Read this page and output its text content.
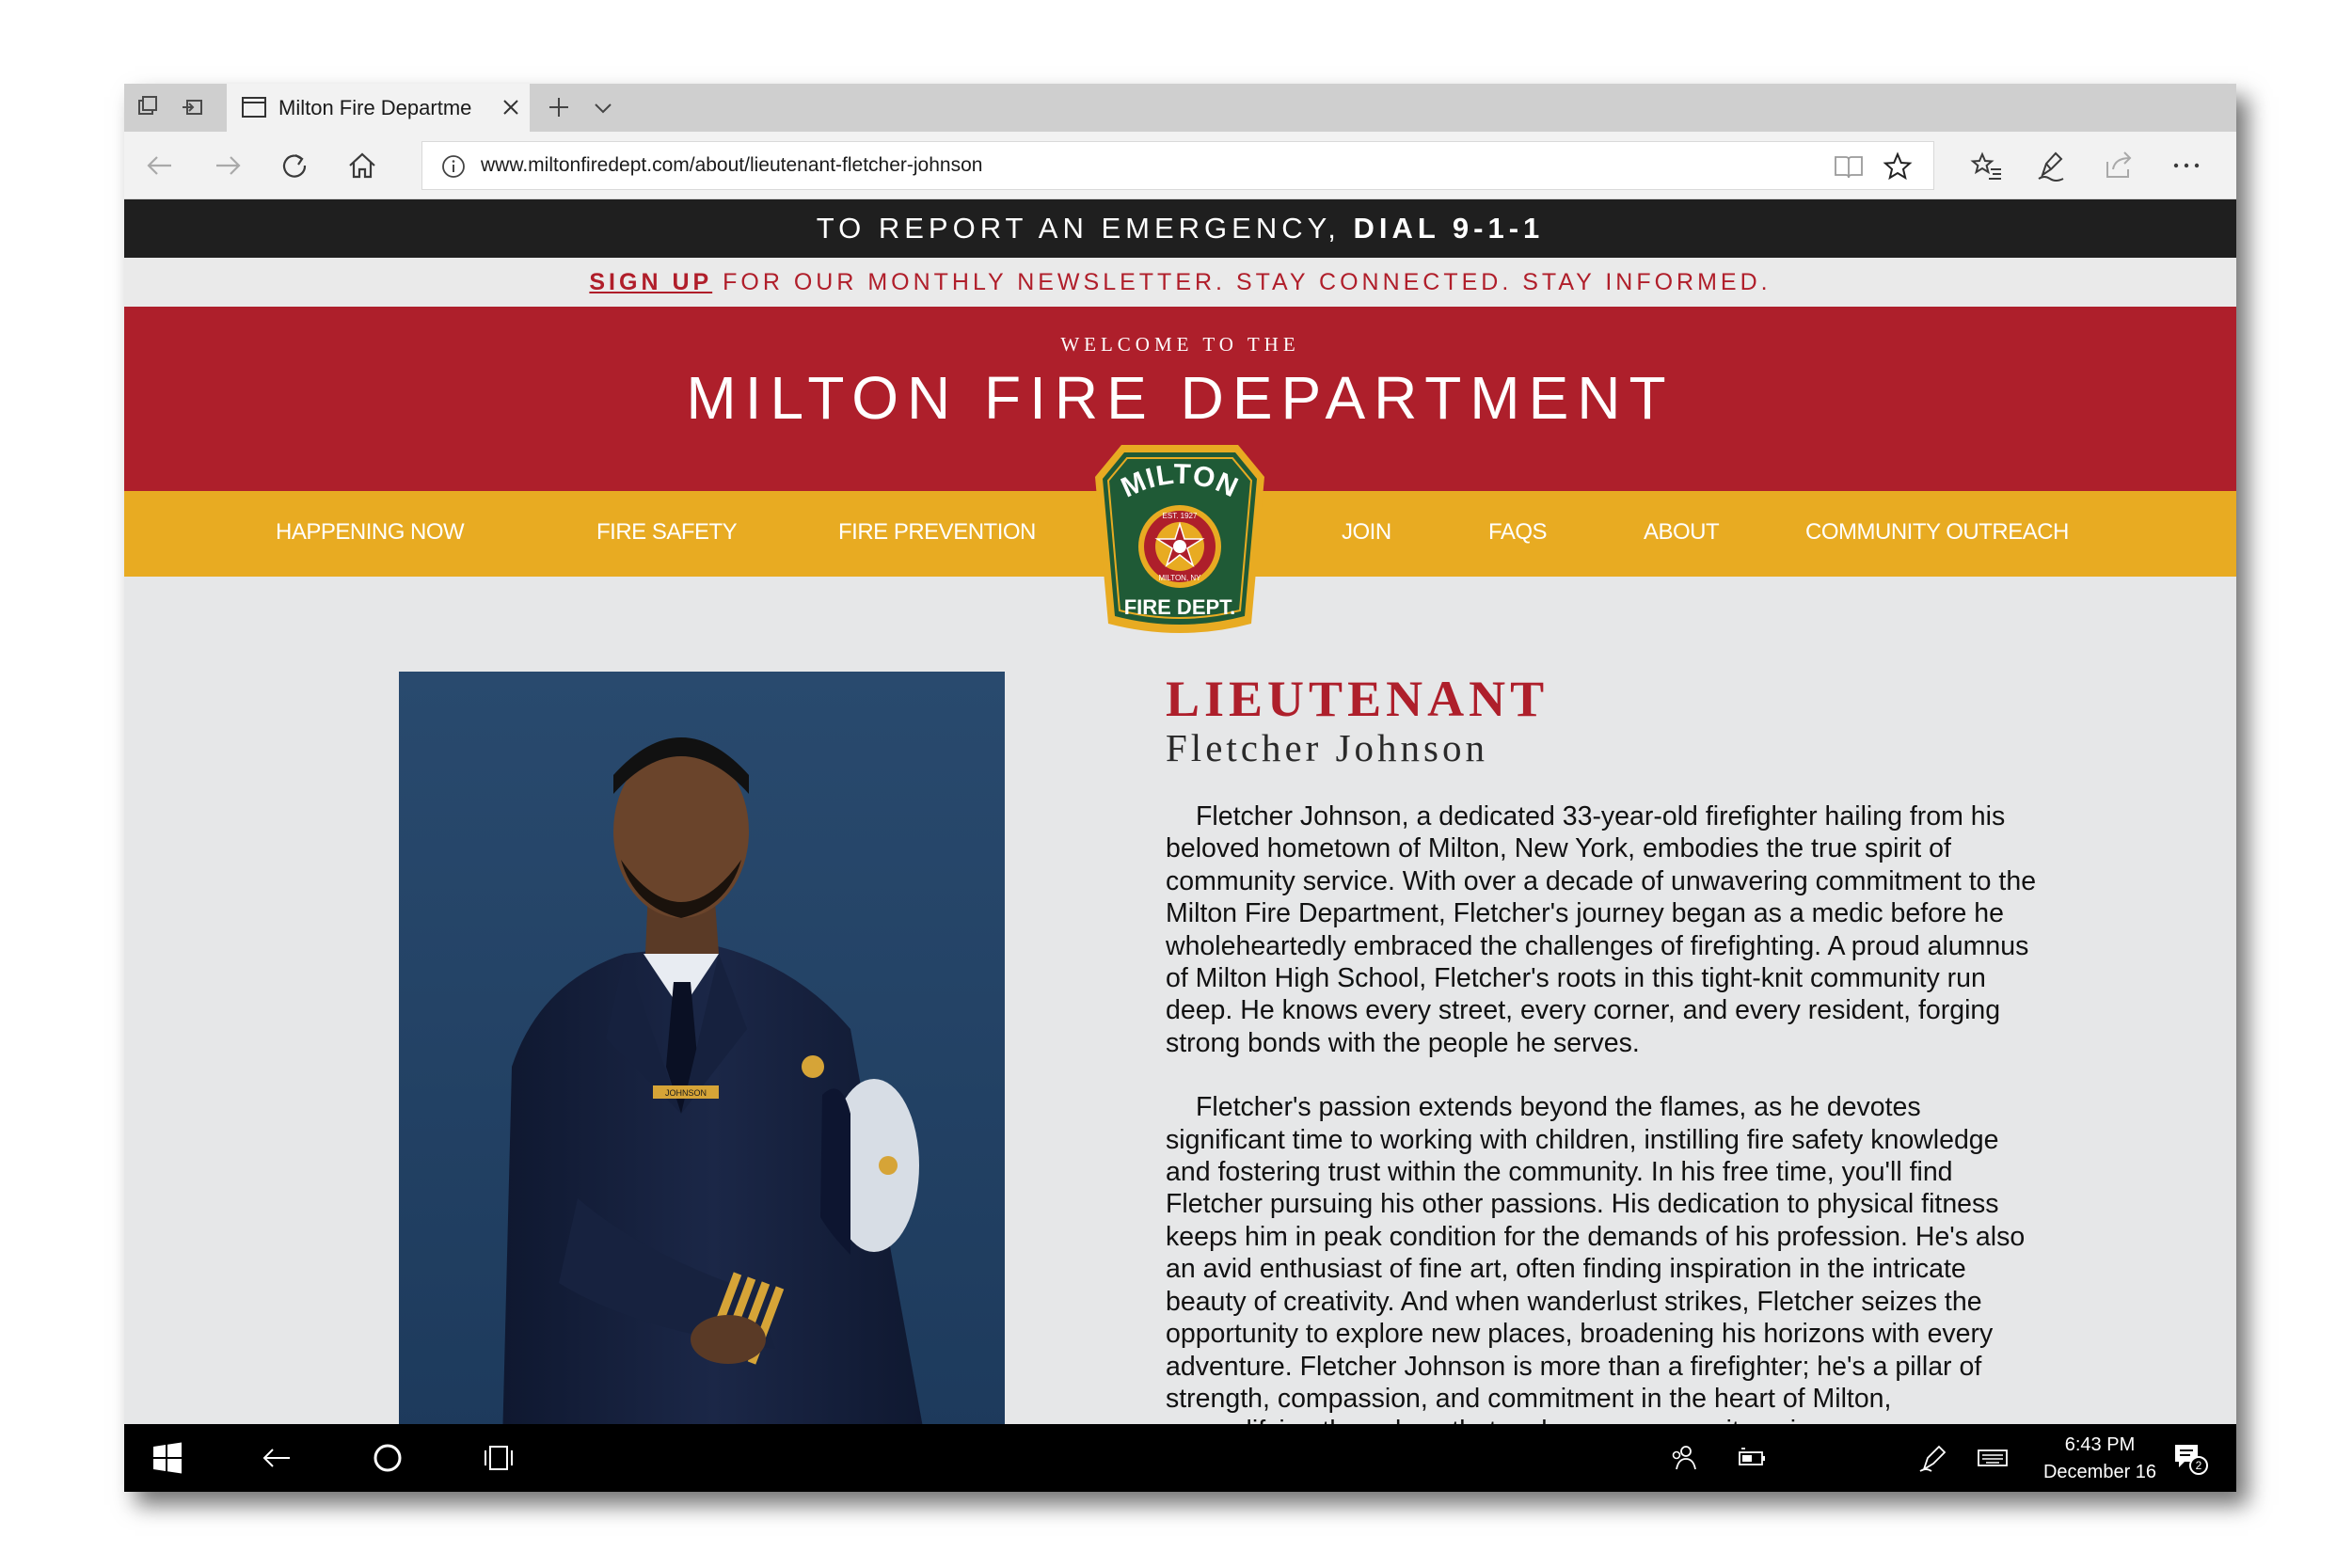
Milton Fire Departme
www.miltonfiredept.com/about/lieutenant-fletcher-johnson
TO REPORT AN EMERGENCY, DIAL 9-1-1
SIGN UP FOR OUR MONTHLY NEWSLETTER. STAY CONNECTED. STAY INFORMED.
WELCOME TO THE
MILTON FIRE DEPARTMENT
HAPPENING NOW	FIRE SAFETY	FIRE PREVENTION	JOIN	FAQS	ABOUT	COMMUNITY OUTREACH
MILTON
EST. 1927
MILTON, NY
FIRE DEPT.
JOHNSON
LIEUTENANT
Fletcher Johnson

Fletcher Johnson, a dedicated 33-year-old firefighter hailing from his beloved hometown of Milton, New York, embodies the true spirit of community service. With over a decade of unwavering commitment to the Milton Fire Department, Fletcher's journey began as a medic before he wholeheartedly embraced the challenges of firefighting. A proud alumnus of Milton High School, Fletcher's roots in this tight-knit community run deep. He knows every street, every corner, and every resident, forging strong bonds with the people he serves.

Fletcher's passion extends beyond the flames, as he devotes significant time to working with children, instilling fire safety knowledge and fostering trust within the community. In his free time, you'll find Fletcher pursuing his other passions. His dedication to physical fitness keeps him in peak condition for the demands of his profession. He's also an avid enthusiast of fine art, often finding inspiration in the intricate beauty of creativity. And when wanderlust strikes, Fletcher seizes the opportunity to explore new places, broadening his horizons with every adventure. Fletcher Johnson is more than a firefighter; he's a pillar of strength, compassion, and commitment in the heart of Milton,

6:43 PM
December 16	2
